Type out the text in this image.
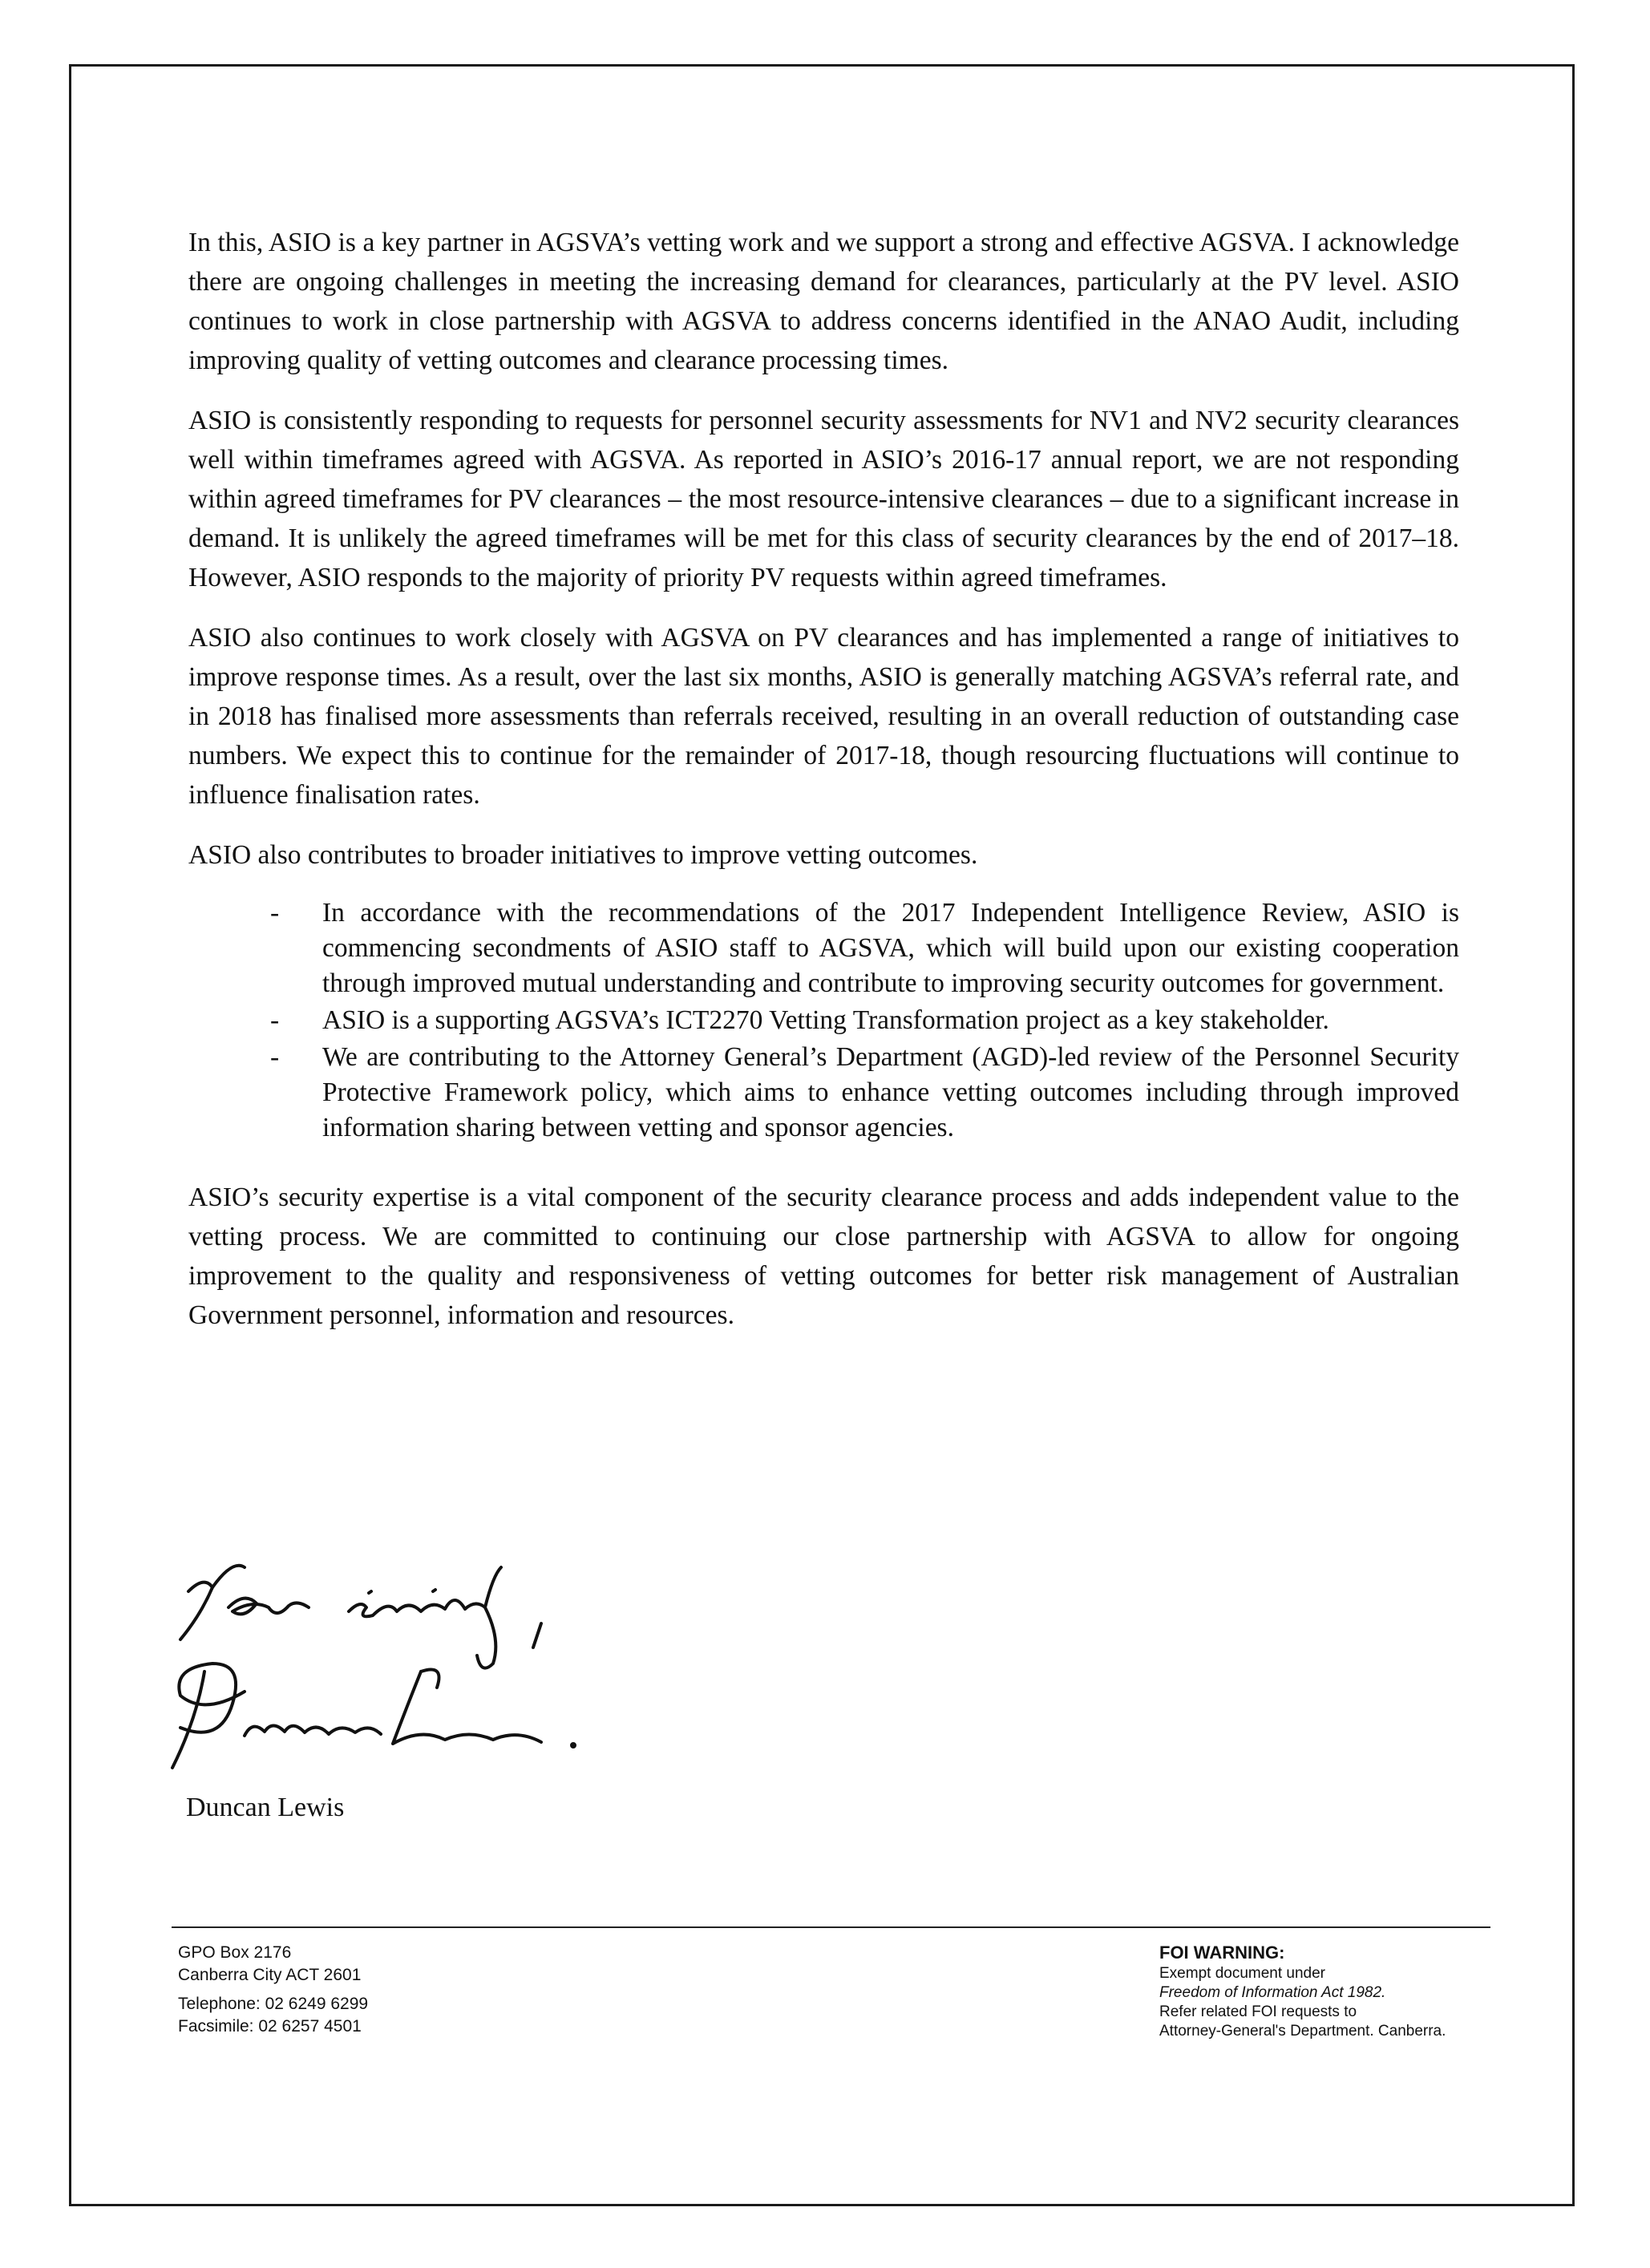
In this, ASIO is a key partner in AGSVA’s vetting work and we support a strong and effective AGSVA. I acknowledge there are ongoing challenges in meeting the increasing demand for clearances, particularly at the PV level. ASIO continues to work in close partnership with AGSVA to address concerns identified in the ANAO Audit, including improving quality of vetting outcomes and clearance processing times.

ASIO is consistently responding to requests for personnel security assessments for NV1 and NV2 security clearances well within timeframes agreed with AGSVA. As reported in ASIO’s 2016-17 annual report, we are not responding within agreed timeframes for PV clearances – the most resource-intensive clearances – due to a significant increase in demand. It is unlikely the agreed timeframes will be met for this class of security clearances by the end of 2017–18. However, ASIO responds to the majority of priority PV requests within agreed timeframes.

ASIO also continues to work closely with AGSVA on PV clearances and has implemented a range of initiatives to improve response times. As a result, over the last six months, ASIO is generally matching AGSVA’s referral rate, and in 2018 has finalised more assessments than referrals received, resulting in an overall reduction of outstanding case numbers. We expect this to continue for the remainder of 2017-18, though resourcing fluctuations will continue to influence finalisation rates.

ASIO also contributes to broader initiatives to improve vetting outcomes.

- In accordance with the recommendations of the 2017 Independent Intelligence Review, ASIO is commencing secondments of ASIO staff to AGSVA, which will build upon our existing cooperation through improved mutual understanding and contribute to improving security outcomes for government.
- ASIO is a supporting AGSVA’s ICT2270 Vetting Transformation project as a key stakeholder.
- We are contributing to the Attorney General’s Department (AGD)-led review of the Personnel Security Protective Framework policy, which aims to enhance vetting outcomes including through improved information sharing between vetting and sponsor agencies.

ASIO’s security expertise is a vital component of the security clearance process and adds independent value to the vetting process. We are committed to continuing our close partnership with AGSVA to allow for ongoing improvement to the quality and responsiveness of vetting outcomes for better risk management of Australian Government personnel, information and resources.

Duncan Lewis
GPO Box 2176
Canberra City ACT 2601
Telephone: 02 6249 6299
Facsimile: 02 6257 4501
FOI WARNING:
Exempt document under
Freedom of Information Act 1982.
Refer related FOI requests to
Attorney-General's Department. Canberra.
